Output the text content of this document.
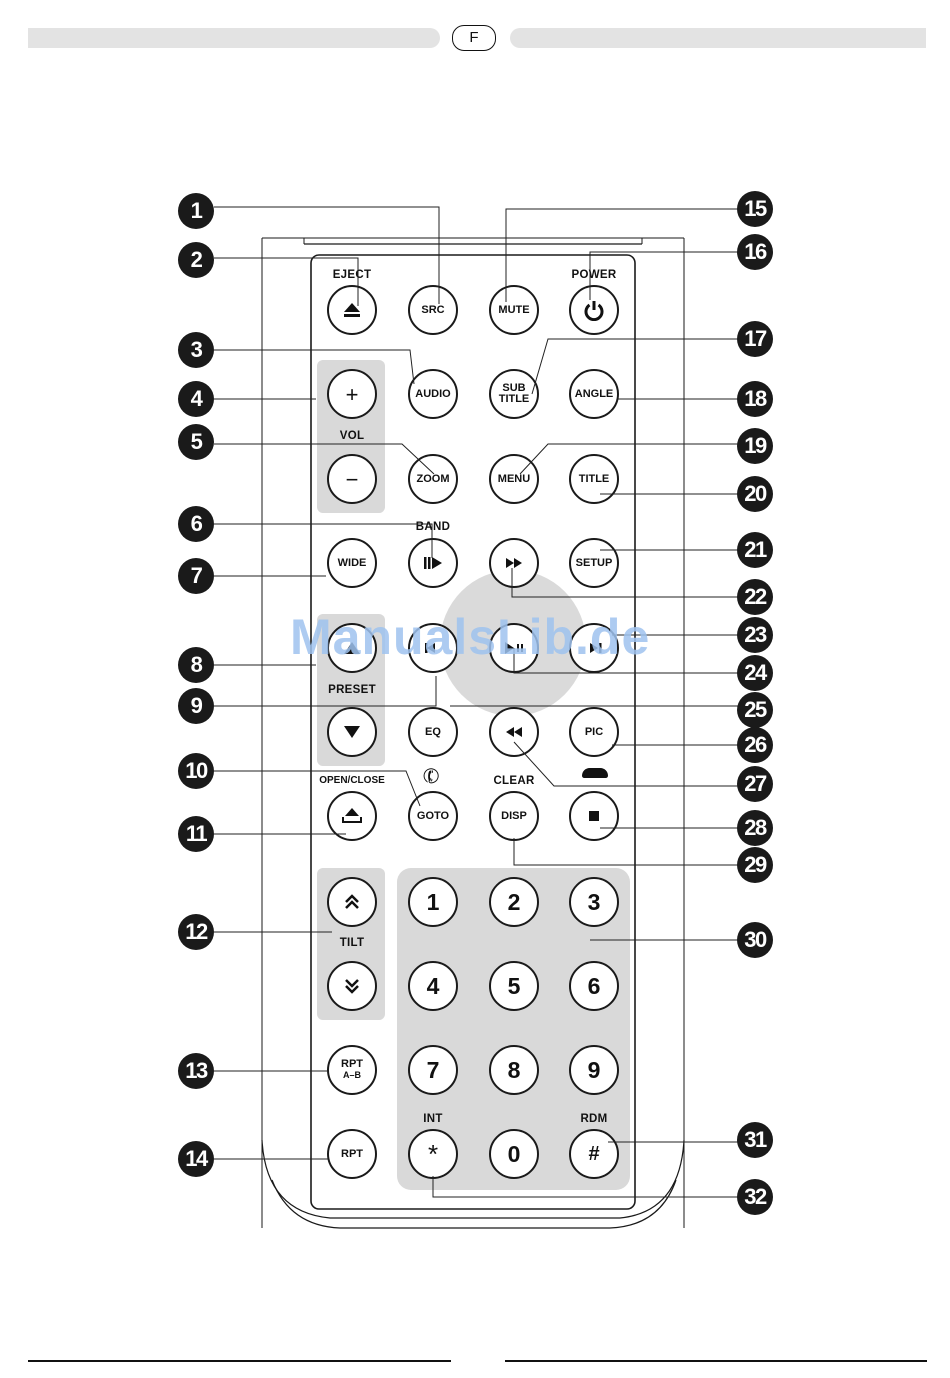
F
EJECT	POWER
VOL
BAND
PRESET
OPEN/CLOSE	CLEAR
TILT
INT	RDM
✆
SRC	MUTE
+	AUDIO	SUB
TITLE	ANGLE
−	ZOOM	MENU	TITLE
WIDE	SETUP
EQ	PIC
GOTO	DISP
RPT
A–B
RPT
1	2	3
4	5	6
7	8	9
*	0	#
1
2
3
4
5
6
7
8
9
10
11
12
13
14
15
16
17
18
19
20
21
22
23
24
25
26
27
28
29
30
31
32
ManualsLib.de
